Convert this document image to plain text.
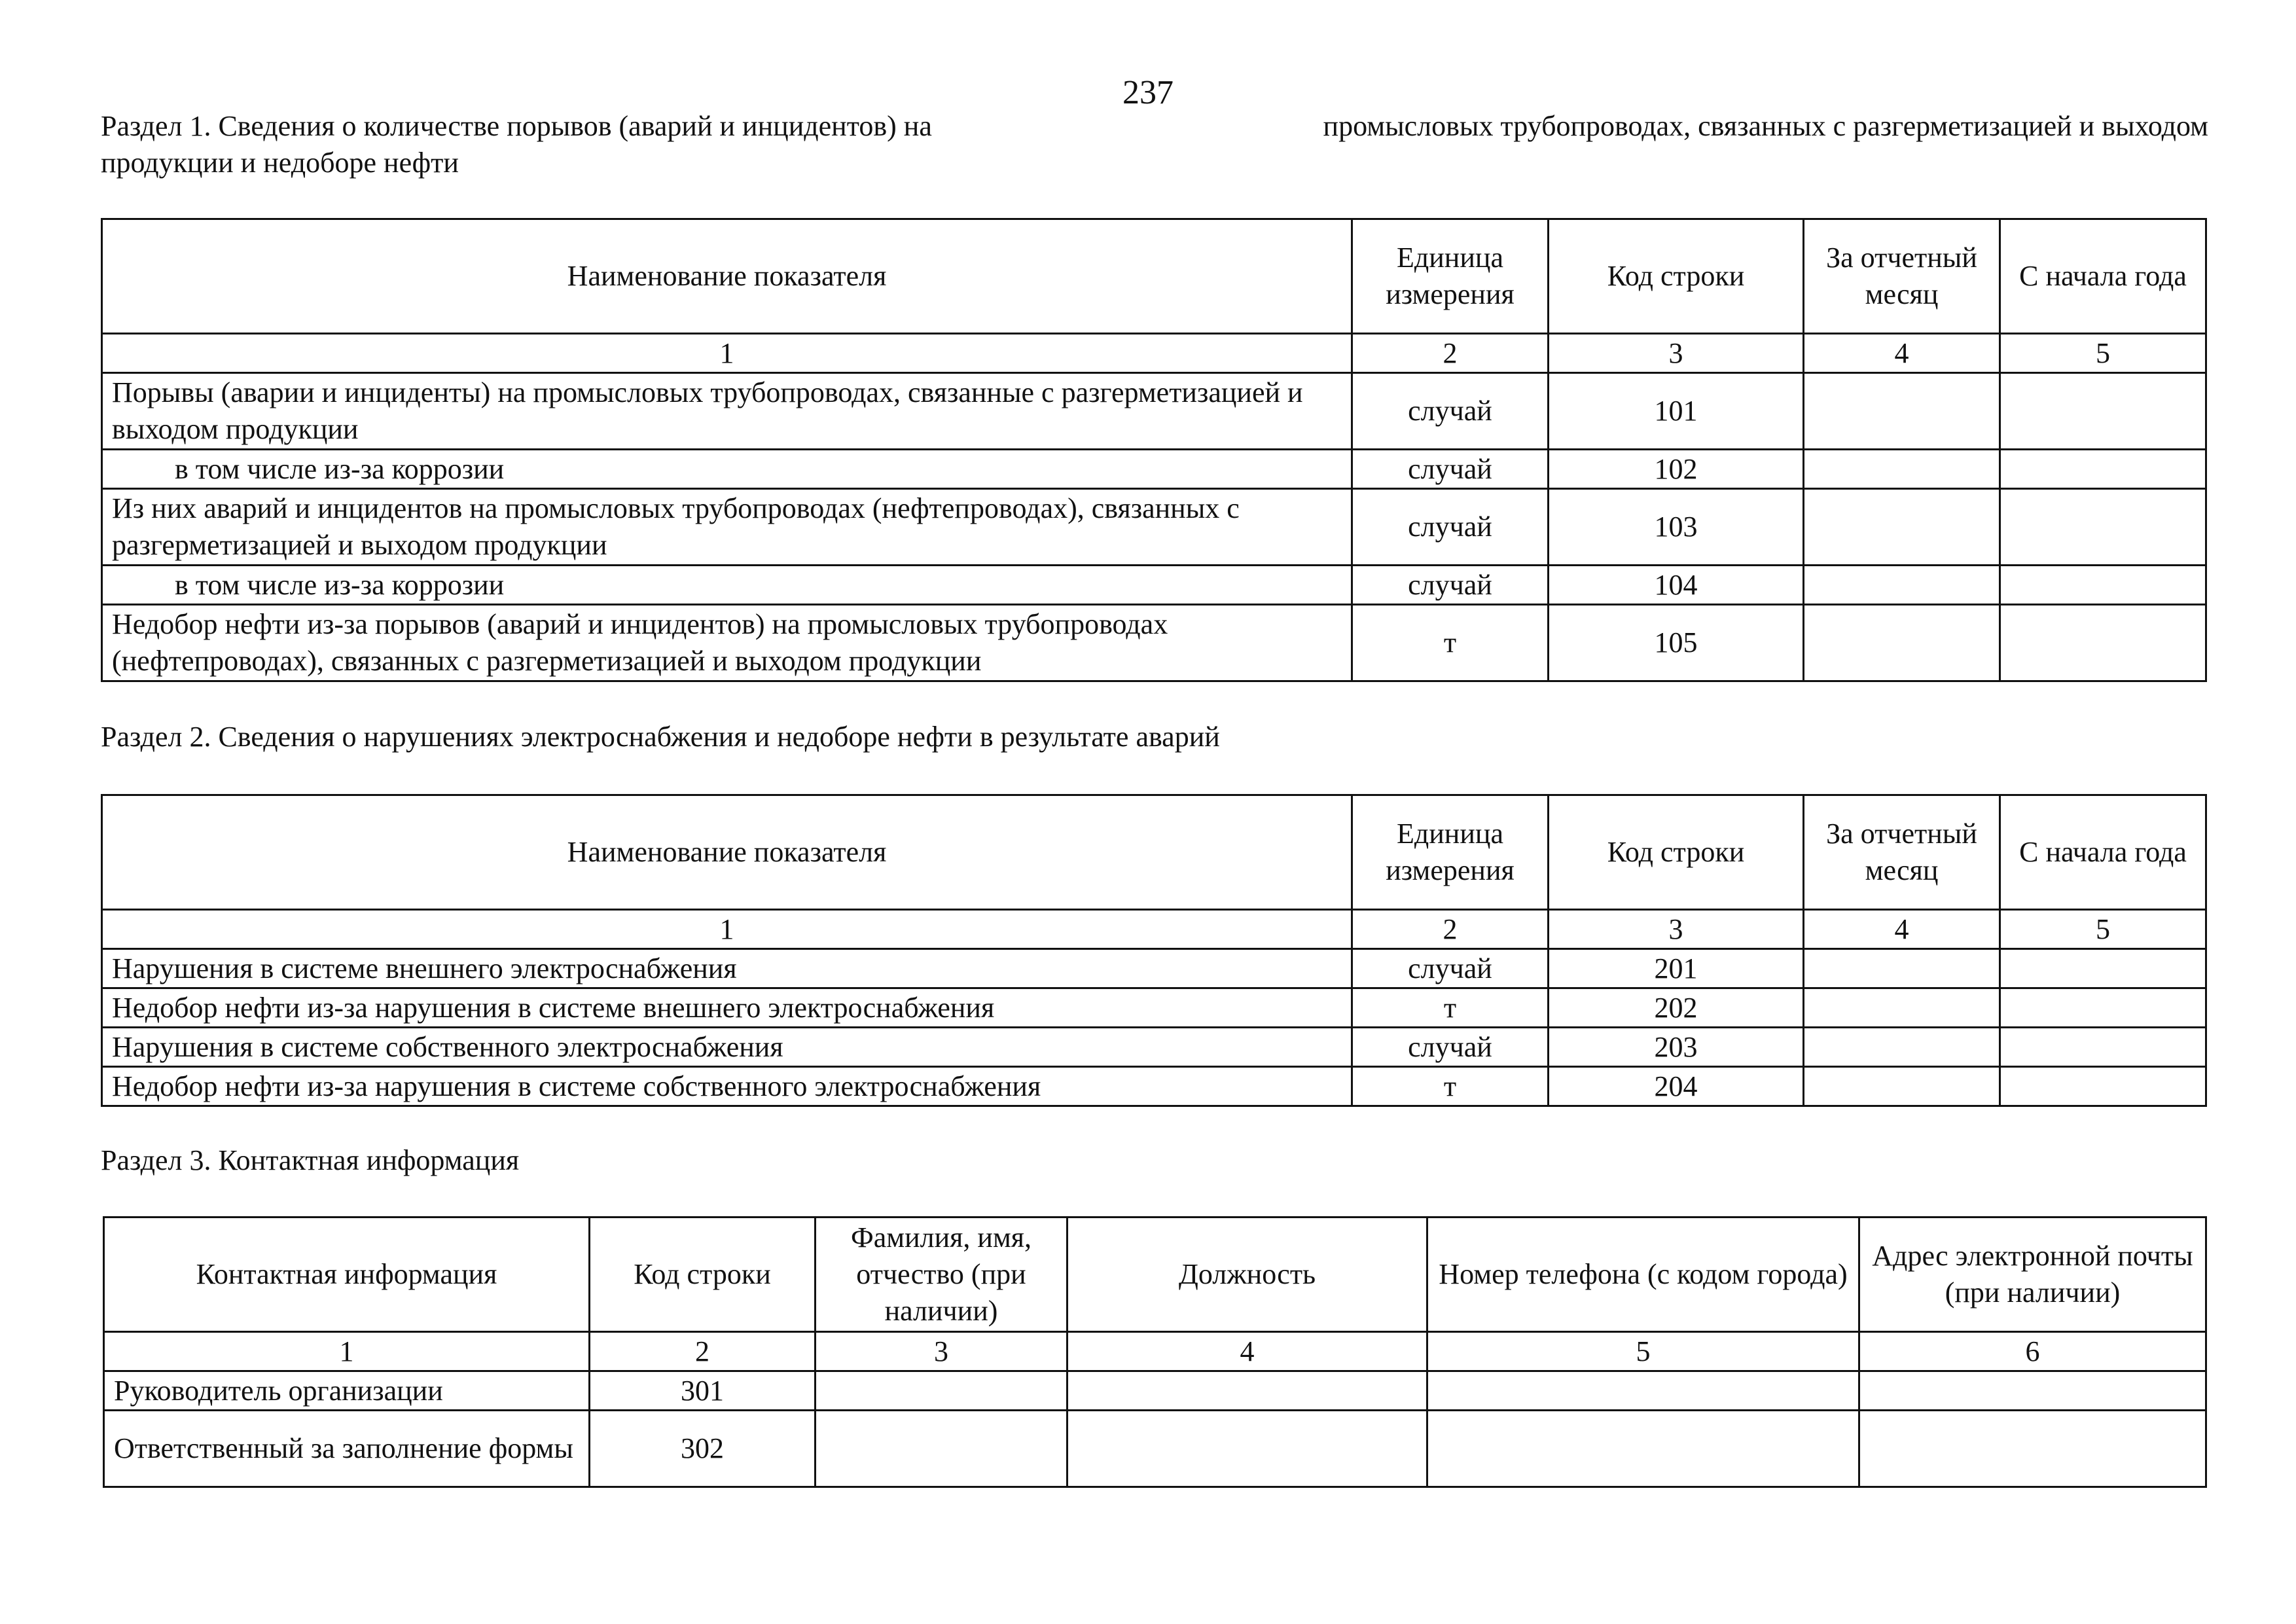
237
Раздел 1. Сведения о количестве порывов (аварий и инцидентов) на	промысловых трубопроводах, связанных с разгерметизацией и выходом
продукции и недоборе нефти
Наименование показателя	Единица измерения	Код строки	За отчетный месяц	С начала года
1	2	3	4	5
Порывы (аварии и инциденты) на промысловых трубопроводах, связанные с разгерметизацией и выходом продукции	случай	101		
в том числе из-за коррозии	случай	102		
Из них аварий и инцидентов на промысловых трубопроводах (нефтепроводах), связанных с разгерметизацией и выходом продукции	случай	103		
в том числе из-за коррозии	случай	104		
Недобор нефти из-за порывов (аварий и инцидентов) на промысловых трубопроводах (нефтепроводах), связанных с разгерметизацией и выходом продукции	т	105		
Раздел 2. Сведения о нарушениях электроснабжения и недоборе нефти в результате аварий
Наименование показателя	Единица измерения	Код строки	За отчетный месяц	С начала года
1	2	3	4	5
Нарушения в системе внешнего электроснабжения	случай	201		
Недобор нефти из-за нарушения в системе внешнего электроснабжения	т	202		
Нарушения в системе собственного электроснабжения	случай	203		
Недобор нефти из-за нарушения в системе собственного электроснабжения	т	204		
Раздел 3. Контактная информация
Контактная информация	Код строки	Фамилия, имя, отчество (при наличии)	Должность	Номер телефона (с кодом города)	Адрес электронной почты (при наличии)
1	2	3	4	5	6
Руководитель организации	301				
Ответственный за заполнение формы	302				
